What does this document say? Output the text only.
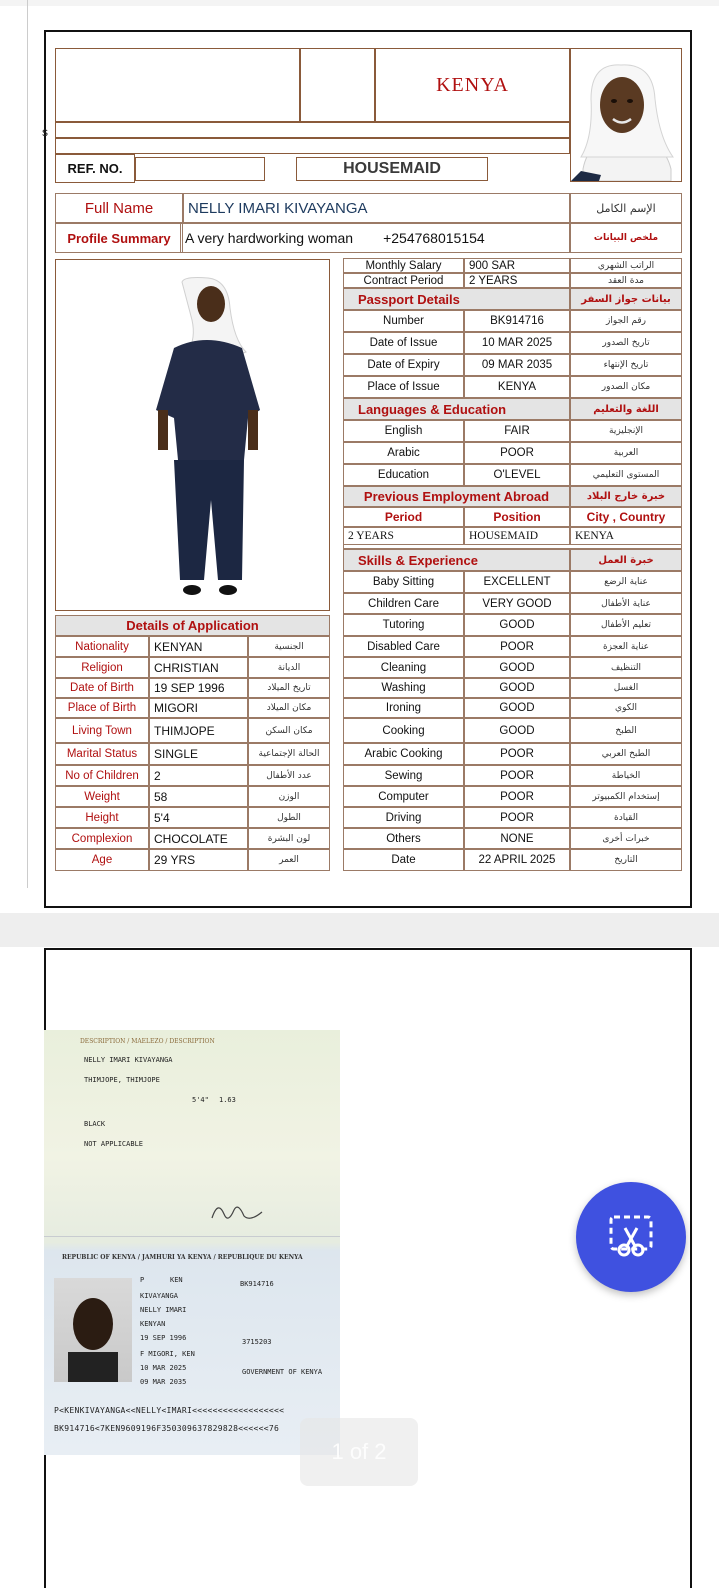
s
KENYA
REF. NO.	HOUSEMAID
Full Name	NELLY IMARI KIVAYANGA	الإسم الكامل
Profile Summary	A very hardworking woman +254768015154	ملخص البيانات
Details of Application
DESCRIPTION / MAELEZO / DESCRIPTION
NELLY IMARI KIVAYANGA
THIMJOPE, THIMJOPE
5'4" 1.63
BLACK
NOT APPLICABLE
REPUBLIC OF KENYA / JAMHURI YA KENYA / REPUBLIQUE DU KENYA
P	KEN	BK914716
KIVAYANGA
NELLY IMARI
KENYAN
19 SEP 1996	3715203
F MIGORI, KEN
10 MAR 2025	GOVERNMENT OF KENYA
09 MAR 2035
P<KENKIVAYANGA<<NELLY<IMARI<<<<<<<<<<<<<<<<<<
BK914716<7KEN9609196F350309637829828<<<<<<76
1 of 2
Monthly Salary	900 SAR	الراتب الشهري
Contract Period	2 YEARS	مدة العقد
Passport Details	بيانات جواز السفر
Number	BK914716	رقم الجواز
Date of Issue	10 MAR 2025	تاريخ الصدور
Date of Expiry	09 MAR 2035	تاريخ الإنتهاء
Place of Issue	KENYA	مكان الصدور
Languages & Education	اللغة والتعليم
English	FAIR	الإنجليزية
Arabic	POOR	العربية
Education	O'LEVEL	المستوى التعليمي
Previous Employment Abroad	خبرة خارج البلاد
Period	Position	City , Country
2 YEARS	HOUSEMAID	KENYA
Skills & Experience	خبرة العمل
Baby Sitting	EXCELLENT	عناية الرضع
Children Care	VERY GOOD	عناية الأطفال
Tutoring	GOOD	تعليم الأطفال
Disabled Care	POOR	عناية العجزة
Cleaning	GOOD	التنظيف
Washing	GOOD	الغسل
Ironing	GOOD	الكوي
Cooking	GOOD	الطبخ
Arabic Cooking	POOR	الطبخ العربي
Sewing	POOR	الخياطة
Computer	POOR	إستخدام الكمبيوتر
Driving	POOR	القيادة
Others	NONE	خبرات أخرى
Date	22 APRIL 2025	التاريخ
Nationality	KENYAN	الجنسية
Religion	CHRISTIAN	الديانة
Date of Birth	19 SEP 1996	تاريخ الميلاد
Place of Birth	MIGORI	مكان الميلاد
Living Town	THIMJOPE	مكان السكن
Marital Status	SINGLE	الحالة الإجتماعية
No of Children	2	عدد الأطفال
Weight	58	الوزن
Height	5'4	الطول
Complexion	CHOCOLATE	لون البشرة
Age	29 YRS	العمر
